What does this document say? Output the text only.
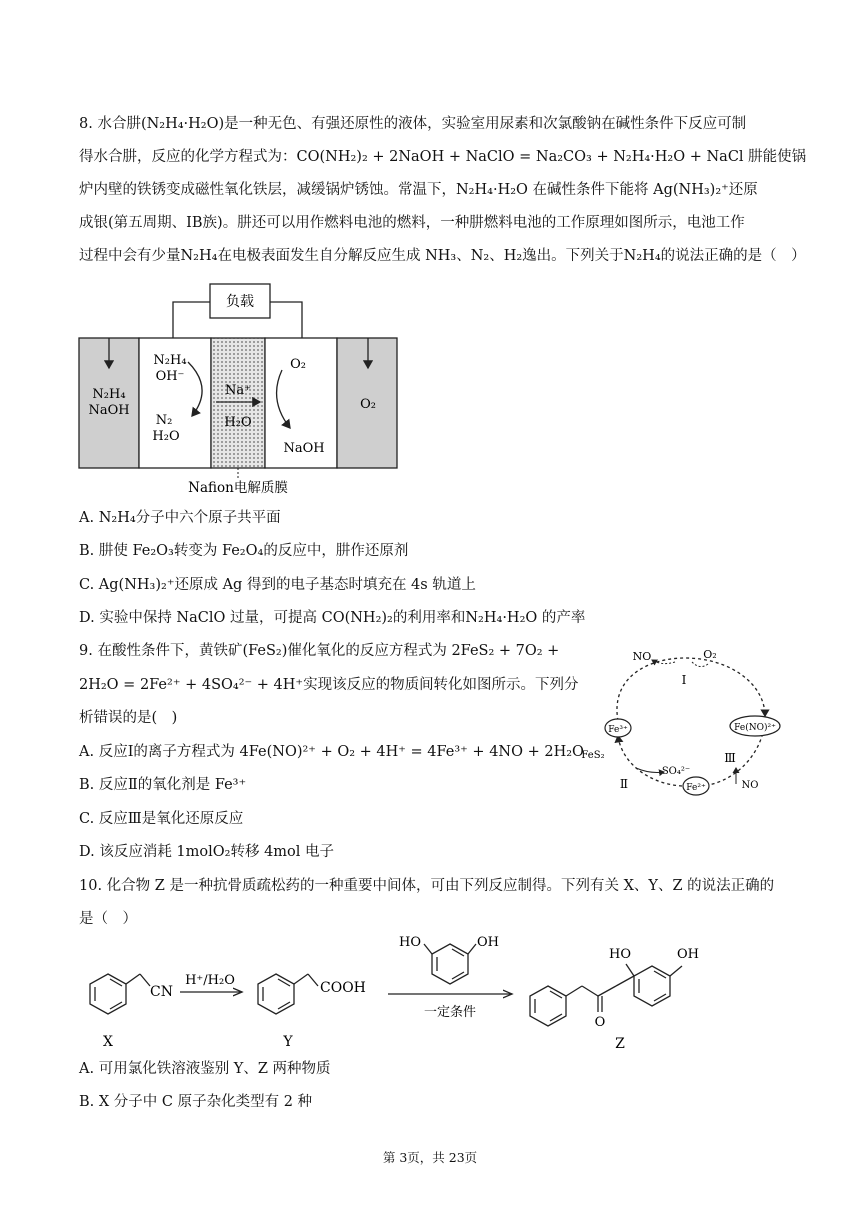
8. 水合肼(N₂H₄·H₂O)是一种无色、有强还原性的液体，实验室用尿素和次氯酸钠在碱性条件下反应可制
得水合肼，反应的化学方程式为：CO(NH₂)₂ + 2NaOH + NaClO = Na₂CO₃ + N₂H₄·H₂O + NaCl 肼能使锅
炉内壁的铁锈变成磁性氧化铁层，减缓锅炉锈蚀。常温下，N₂H₄·H₂O 在碱性条件下能将 Ag(NH₃)₂⁺还原
成银(第五周期、ⅠB族)。肼还可以用作燃料电池的燃料，一种肼燃料电池的工作原理如图所示，电池工作
过程中会有少量N₂H₄在电极表面发生自分解反应生成 NH₃、N₂、H₂逸出。下列关于N₂H₄的说法正确的是（　）
负载
N₂H₄
NaOH
N₂H₄
OH⁻
N₂
H₂O
Na⁺
H₂O
O₂
NaOH
O₂
Nafion电解质膜
A. N₂H₄分子中六个原子共平面
B. 肼使 Fe₂O₃转变为 Fe₂O₄的反应中，肼作还原剂
C. Ag(NH₃)₂⁺还原成 Ag 得到的电子基态时填充在 4s 轨道上
D. 实验中保持 NaClO 过量，可提高 CO(NH₂)₂的利用率和N₂H₄·H₂O 的产率
9. 在酸性条件下，黄铁矿(FeS₂)催化氧化的反应方程式为 2FeS₂ + 7O₂ +
2H₂O = 2Fe²⁺ + 4SO₄²⁻ + 4H⁺实现该反应的物质间转化如图所示。下列分
析错误的是(　)
NO	O₂
Ⅰ
Fe³⁺	Fe(NO)²⁺
FeS₂
SO₄²⁻
Ⅱ	Fe²⁺
Ⅲ
NO
A. 反应Ⅰ的离子方程式为 4Fe(NO)²⁺ + O₂ + 4H⁺ = 4Fe³⁺ + 4NO + 2H₂O
B. 反应Ⅱ的氧化剂是 Fe³⁺
C. 反应Ⅲ是氧化还原反应
D. 该反应消耗 1molO₂转移 4mol 电子
10. 化合物 Z 是一种抗骨质疏松药的一种重要中间体，可由下列反应制得。下列有关 X、Y、Z 的说法正确的
是（　）
CN
X
H⁺/H₂O	COOH
Y
HO	OH
一定条件
HO	OH
O
Z
A. 可用氯化铁溶液鉴别 Y、Z 两种物质
B. X 分子中 C 原子杂化类型有 2 种
第 3页，共 23页
